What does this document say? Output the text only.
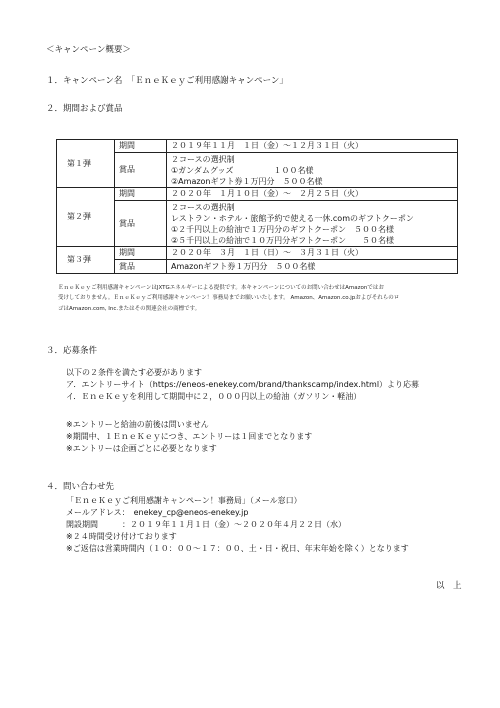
＜キャンペーン概要＞
１．キャンペーン名　「ＥｎｅＫｅｙご利用感謝キャンペーン」
２．期間および賞品
第１弾	期間	２０１９年１１月　１日（金）～１２月３１日（火）
	賞品	２コースの選択制
①ガンダムグッズ　　　　　１００名様
②Amazonギフト券１万円分　５００名様

第２弾	期間	２０２０年　１月１０日（金）～　２月２５日（火）
	賞品	２コースの選択制
レストラン・ホテル・旅館予約で使える一休.comのギフトクーポン
①２千円以上の給油で１万円分のギフトクーポン　５００名様
②５千円以上の給油で１０万円分ギフトクーポン　　５０名様

第３弾	期間	２０２０年　３月　１日（日）～　３月３１日（火）
	賞品	Amazonギフト券１万円分　５００名様
ＥｎｅＫｅｙご利用感謝キャンペーンはJXTGエネルギーによる提供です。本キャンペーンについてのお問い合わせはAmazonではお
受けしておりません。ＥｎｅＫｅｙご利用感謝キャンペーン！事務局までお願いいたします。 Amazon、Amazon.co.jpおよびそれらのロ
ゴはAmazon.com, Inc.またはその関連会社の商標です。
３．応募条件
以下の２条件を満たす必要があります
ア．エントリーサイト（https://eneos-enekey.com/brand/thankscamp/index.html）より応募
イ．ＥｎｅＫｅｙを利用して期間中に２，０００円以上の給油（ガソリン・軽油）
※エントリーと給油の前後は問いません
※期間中、１ＥｎｅＫｅｙにつき、エントリーは１回までとなります
※エントリーは企画ごとに必要となります
４．問い合わせ先
「ＥｎｅＫｅｙご利用感謝キャンペーン！事務局」（メール窓口）
メールアドレス：　enekey_cp@eneos-enekey.jp
開設期間　　　：２０１９年１１月１日（金）～２０２０年４月２２日（水）
※２４時間受け付けております
※ご返信は営業時間内（１０：００～１７：００、土・日・祝日、年末年始を除く）となります
以　上
